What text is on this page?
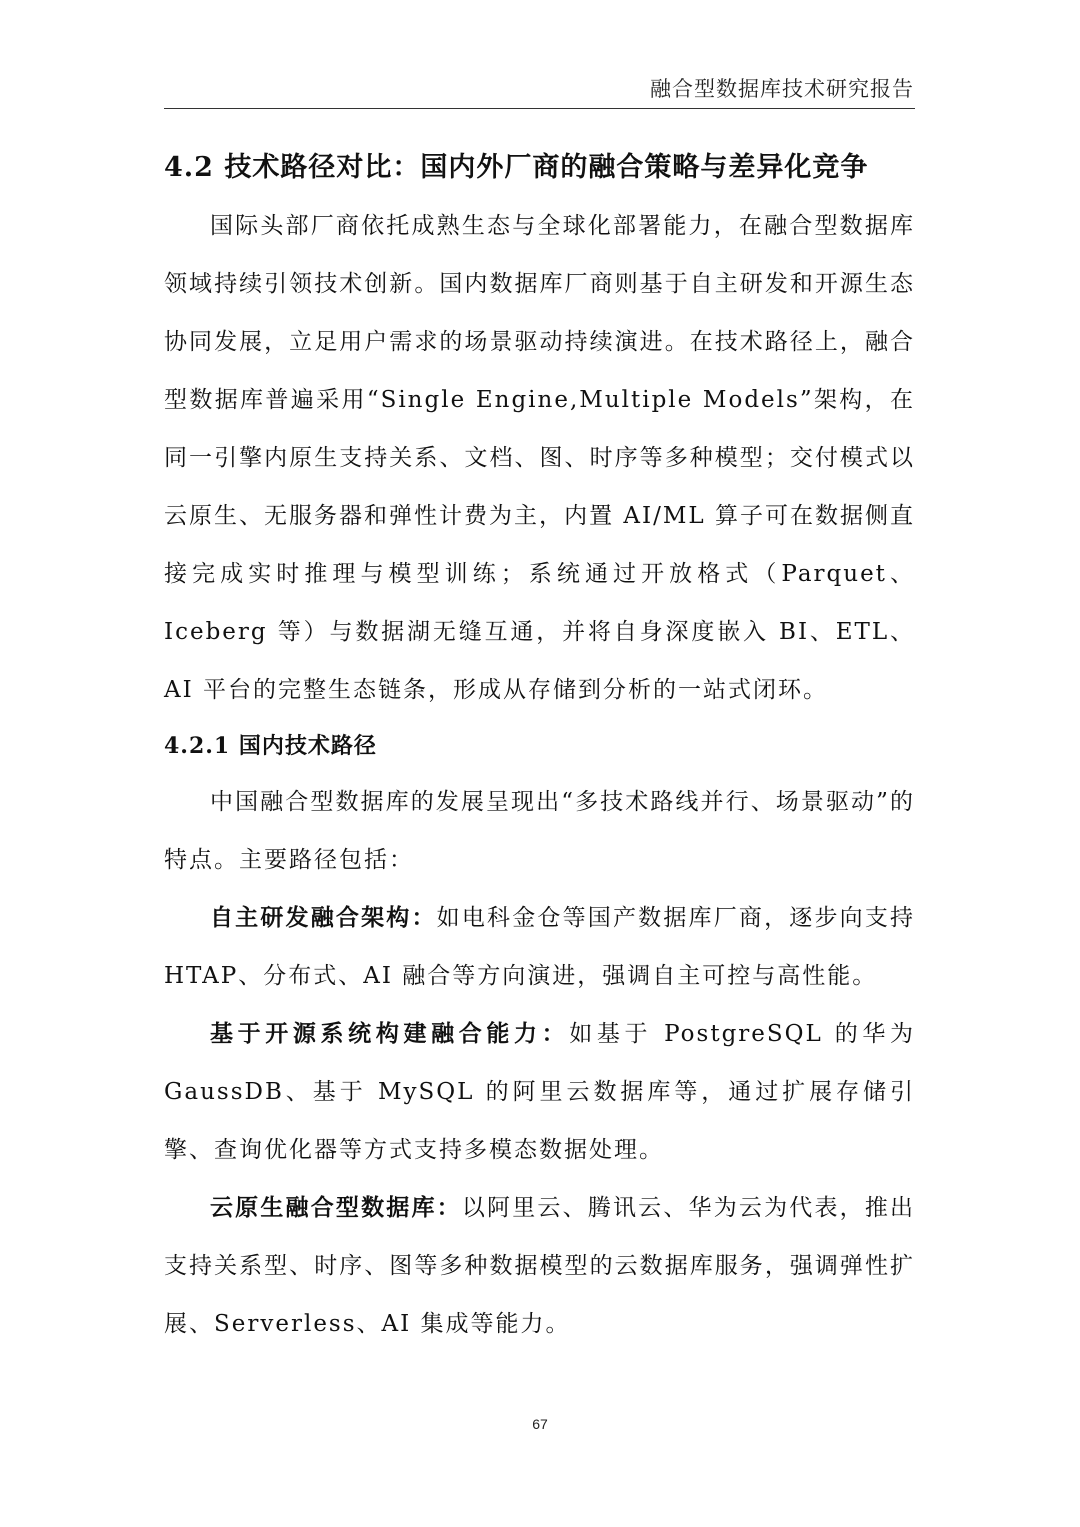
融合型数据库技术研究报告
4.2 技术路径对比：国内外厂商的融合策略与差异化竞争

国际头部厂商依托成熟生态与全球化部署能力，在融合型数据库领域持续引领技术创新。国内数据库厂商则基于自主研发和开源生态协同发展，立足用户需求的场景驱动持续演进。在技术路径上，融合型数据库普遍采用“Single Engine,Multiple Models”架构，在同一引擎内原生支持关系、文档、图、时序等多种模型；交付模式以云原生、无服务器和弹性计费为主，内置 AI/ML 算子可在数据侧直接完成实时推理与模型训练；系统通过开放格式（Parquet、Iceberg 等）与数据湖无缝互通，并将自身深度嵌入 BI、ETL、AI 平台的完整生态链条，形成从存储到分析的一站式闭环。

4.2.1 国内技术路径

中国融合型数据库的发展呈现出“多技术路线并行、场景驱动”的特点。主要路径包括：

自主研发融合架构：如电科金仓等国产数据库厂商，逐步向支持 HTAP、分布式、AI 融合等方向演进，强调自主可控与高性能。

基于开源系统构建融合能力：如基于 PostgreSQL 的华为 GaussDB、基于 MySQL 的阿里云数据库等，通过扩展存储引擎、查询优化器等方式支持多模态数据处理。

云原生融合型数据库：以阿里云、腾讯云、华为云为代表，推出支持关系型、时序、图等多种数据模型的云数据库服务，强调弹性扩展、Serverless、AI 集成等能力。

67
